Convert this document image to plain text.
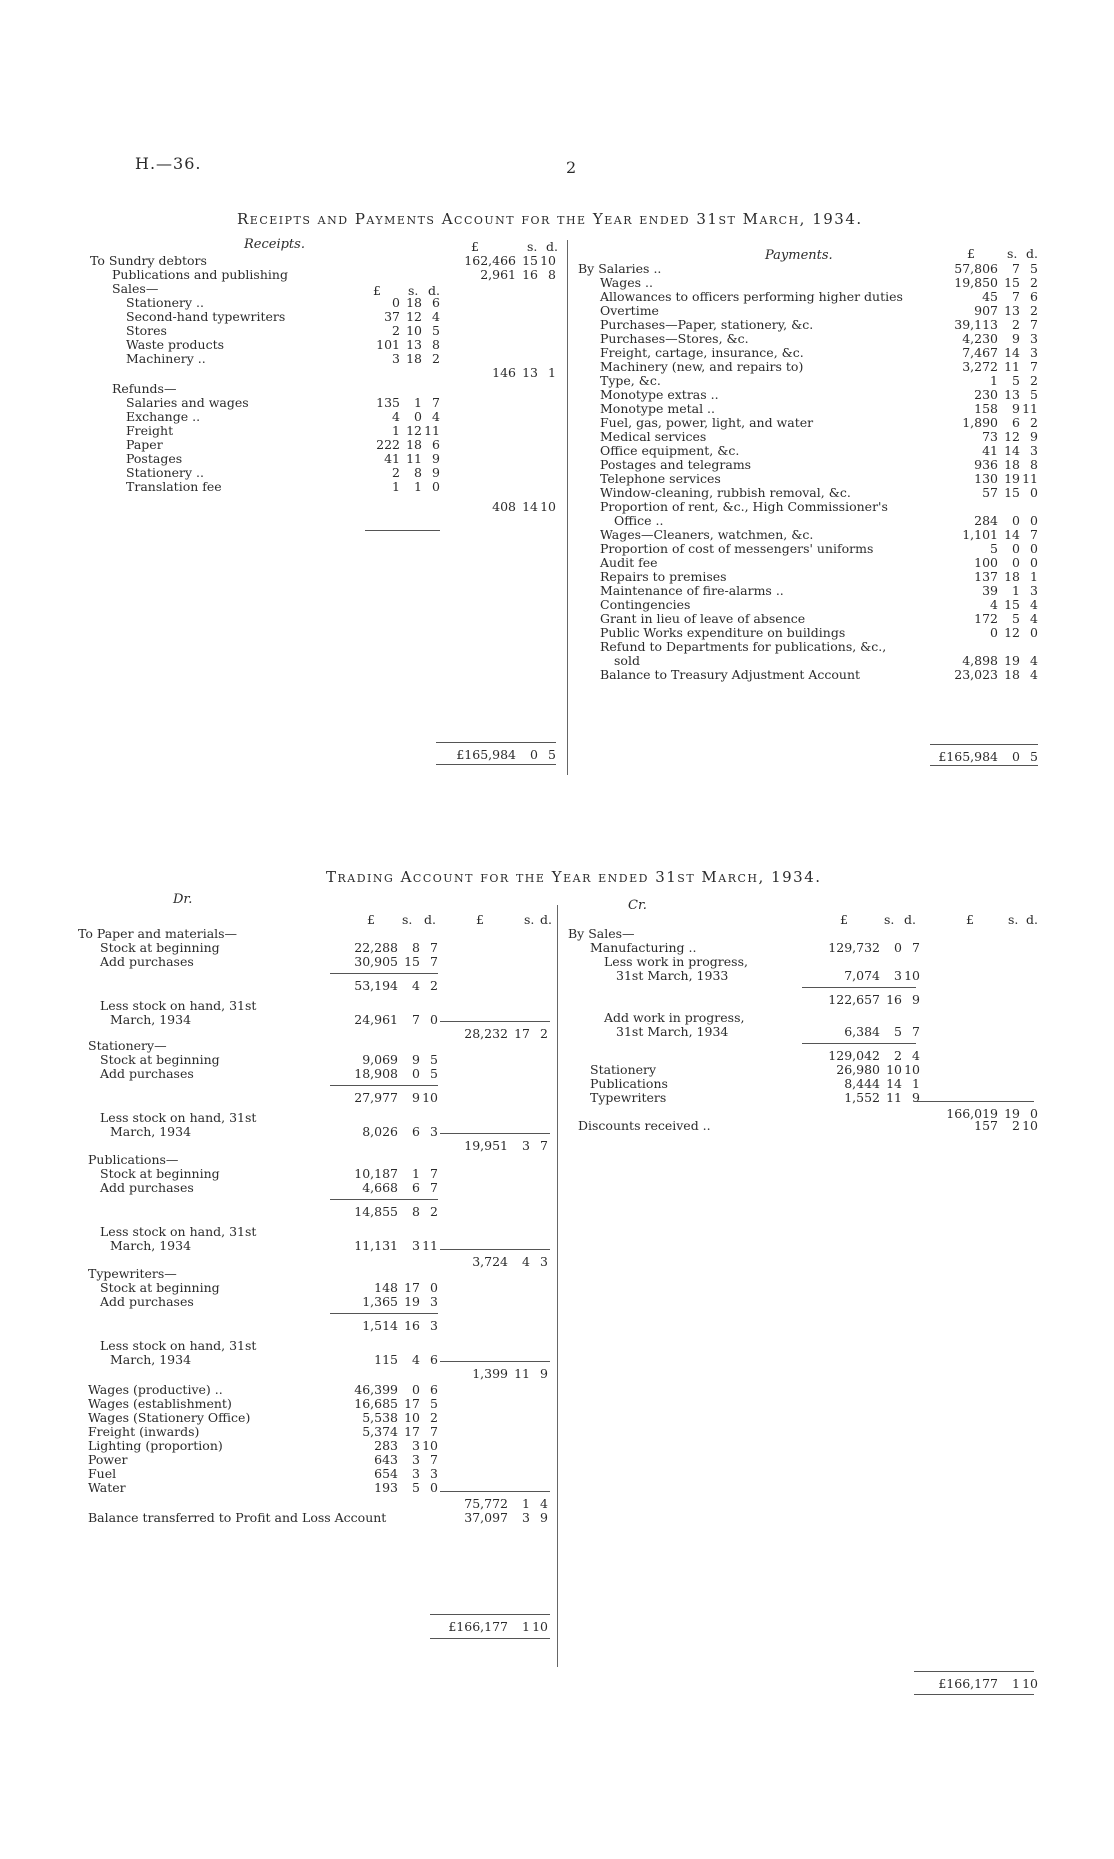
H.—36.	2
Receipts and Payments Account for the Year ended 31st March, 1934.
Receipts.
Payments.
£	s. d.
£ s. d.
£	s. d.
To Sundry debtors	162,466 15 10
Publications and publishing	2,961 16 8
Sales—
Stationery ..	0 18 6
Second-hand typewriters	37 12 4
Stores	2 10 5
Waste products	101 13 8
Machinery ..	3 18 2
146 13 1
Refunds—
Salaries and wages	135	1 7
Exchange ..	4	0 4
Freight	1 12 11
Paper	222 18 6
Postages	41 11 9
Stationery ..	2	8 9
Translation fee	1	1 0
408 14 10
£165,984	0 5
By Salaries ..	57,806	7 5
Wages ..	19,850 15 2
Allowances to officers performing higher duties	45	7 6
Overtime	907 13 2
Purchases—Paper, stationery, &c.	39,113	2 7
Purchases—Stores, &c.	4,230	9 3
Freight, cartage, insurance, &c.	7,467 14 3
Machinery (new, and repairs to)	3,272 11 7
Type, &c.	1	5 2
Monotype extras ..	230 13 5
Monotype metal ..	158	9 11
Fuel, gas, power, light, and water	1,890	6 2
Medical services	73 12 9
Office equipment, &c.	41 14 3
Postages and telegrams	936 18 8
Telephone services	130 19 11
Window-cleaning, rubbish removal, &c.	57 15 0
Proportion of rent, &c., High Commissioner's
Office ..	284	0 0
Wages—Cleaners, watchmen, &c.	1,101 14 7
Proportion of cost of messengers' uniforms	5	0 0
Audit fee	100	0 0
Repairs to premises	137 18 1
Maintenance of fire-alarms ..	39	1 3
Contingencies	4 15 4
Grant in lieu of leave of absence	172	5 4
Public Works expenditure on buildings	0 12 0
Refund to Departments for publications, &c.,
sold	4,898 19 4
Balance to Treasury Adjustment Account	23,023 18 4
£165,984	0 5
Trading Account for the Year ended 31st March, 1934.
Dr.	Cr.
£ s. d.	£	s. d.	£	s. d.	£	s. d.
To Paper and materials—
Stock at beginning	22,288	8 7
Add purchases	30,905 15 7
53,194	4 2
Less stock on hand, 31st
March, 1934	24,961	7 0
28,232 17 2
Stationery—
Stock at beginning	9,069	9 5
Add purchases	18,908	0 5
27,977	9 10
Less stock on hand, 31st
March, 1934	8,026	6 3
19,951	3 7
Publications—
Stock at beginning	10,187	1 7
Add purchases	4,668	6 7
14,855	8 2
Less stock on hand, 31st
March, 1934	11,131	3 11
3,724	4 3
Typewriters—
Stock at beginning	148 17 0
Add purchases	1,365 19 3
1,514 16 3
Less stock on hand, 31st
March, 1934	115	4 6
1,399 11 9
Wages (productive) ..	46,399	0 6
Wages (establishment)	16,685 17 5
Wages (Stationery Office)	5,538 10 2
Freight (inwards)	5,374 17 7
Lighting (proportion)	283	3 10
Power	643	3 7
Fuel	654	3 3
Water	193	5 0
75,772	1 4
Balance transferred to Profit and Loss Account	37,097	3 9
£166,177	1 10
By Sales—
Manufacturing ..	129,732	0 7
Less work in progress,
31st March, 1933	7,074	3 10
122,657 16 9
Add work in progress,
31st March, 1934	6,384	5 7
129,042	2 4
Stationery	26,980 10 10
Publications	8,444 14 1
Typewriters	1,552 11 9
166,019 19 0
Discounts received ..	157	2 10
£166,177	1 10
